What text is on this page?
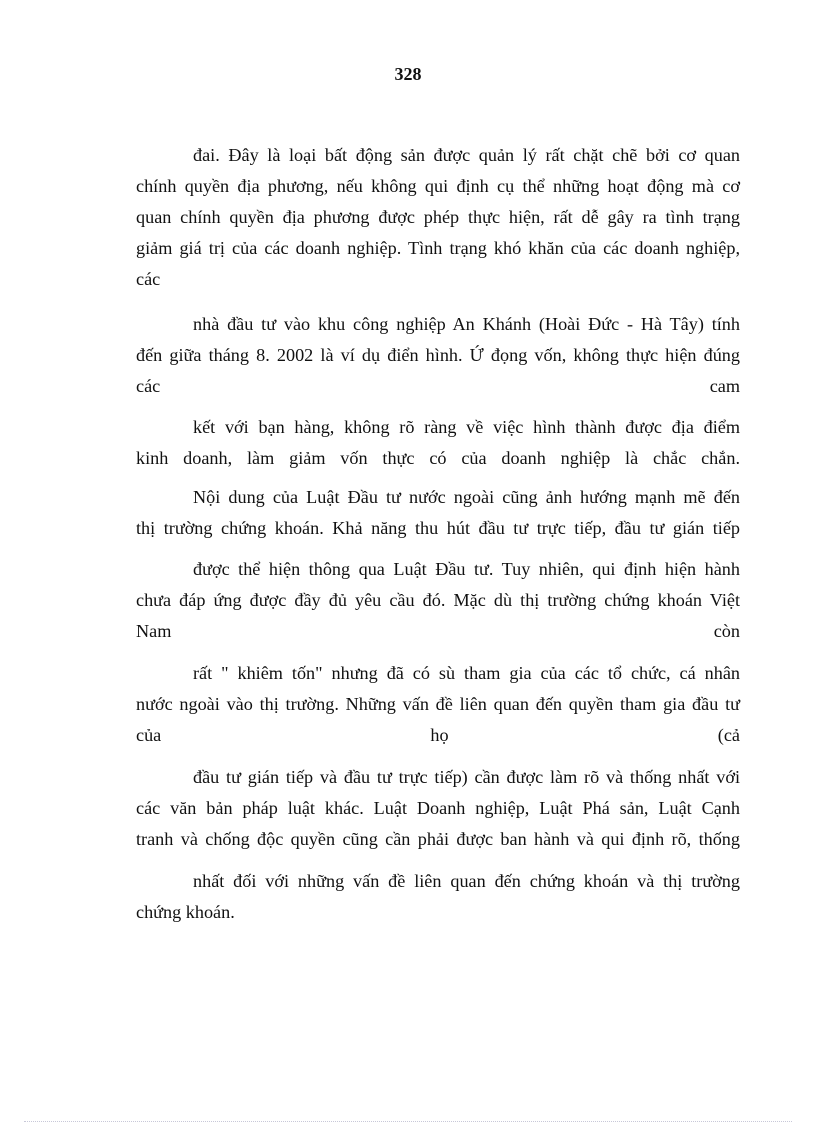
328
đai. Đây là loại bất động sản được quản lý rất chặt chẽ bởi cơ quan
chính quyền địa phương, nếu không qui định cụ thể những hoạt động mà cơ
quan chính quyền địa phương được phép thực hiện, rất dễ gây ra tình trạng
giảm giá trị của các doanh nghiệp. Tình trạng khó khăn của các doanh nghiệp,
các
nhà đầu tư vào khu công nghiệp An Khánh (Hoài Đức - Hà Tây) tính
đến giữa tháng 8. 2002 là ví dụ điển hình. Ứ đọng vốn, không thực hiện đúng
các cam
kết với bạn hàng, không rõ ràng về việc hình thành được địa điểm
kinh doanh, làm giảm vốn thực có của doanh nghiệp là chắc chắn.
Nội dung của Luật Đầu tư nước ngoài cũng ảnh hướng mạnh mẽ đến
thị trường chứng khoán. Khả năng thu hút đầu tư trực tiếp, đầu tư gián tiếp
được thể hiện thông qua Luật Đầu tư. Tuy nhiên, qui định hiện hành
chưa đáp ứng được đầy đủ yêu cầu đó. Mặc dù thị trường chứng khoán Việt
Nam còn
rất " khiêm tốn" nhưng đã có sù tham gia của các tổ chức, cá nhân
nước ngoài vào thị trường. Những vấn đề liên quan đến quyền tham gia đầu tư
của họ (cả
đầu tư gián tiếp và đầu tư trực tiếp) cần được làm rõ và thống nhất với
các văn bản pháp luật khác. Luật Doanh nghiệp, Luật Phá sản, Luật Cạnh
tranh và chống độc quyền cũng cần phải được ban hành và qui định rõ, thống
nhất đối với những vấn đề liên quan đến chứng khoán và thị trường
chứng khoán.
